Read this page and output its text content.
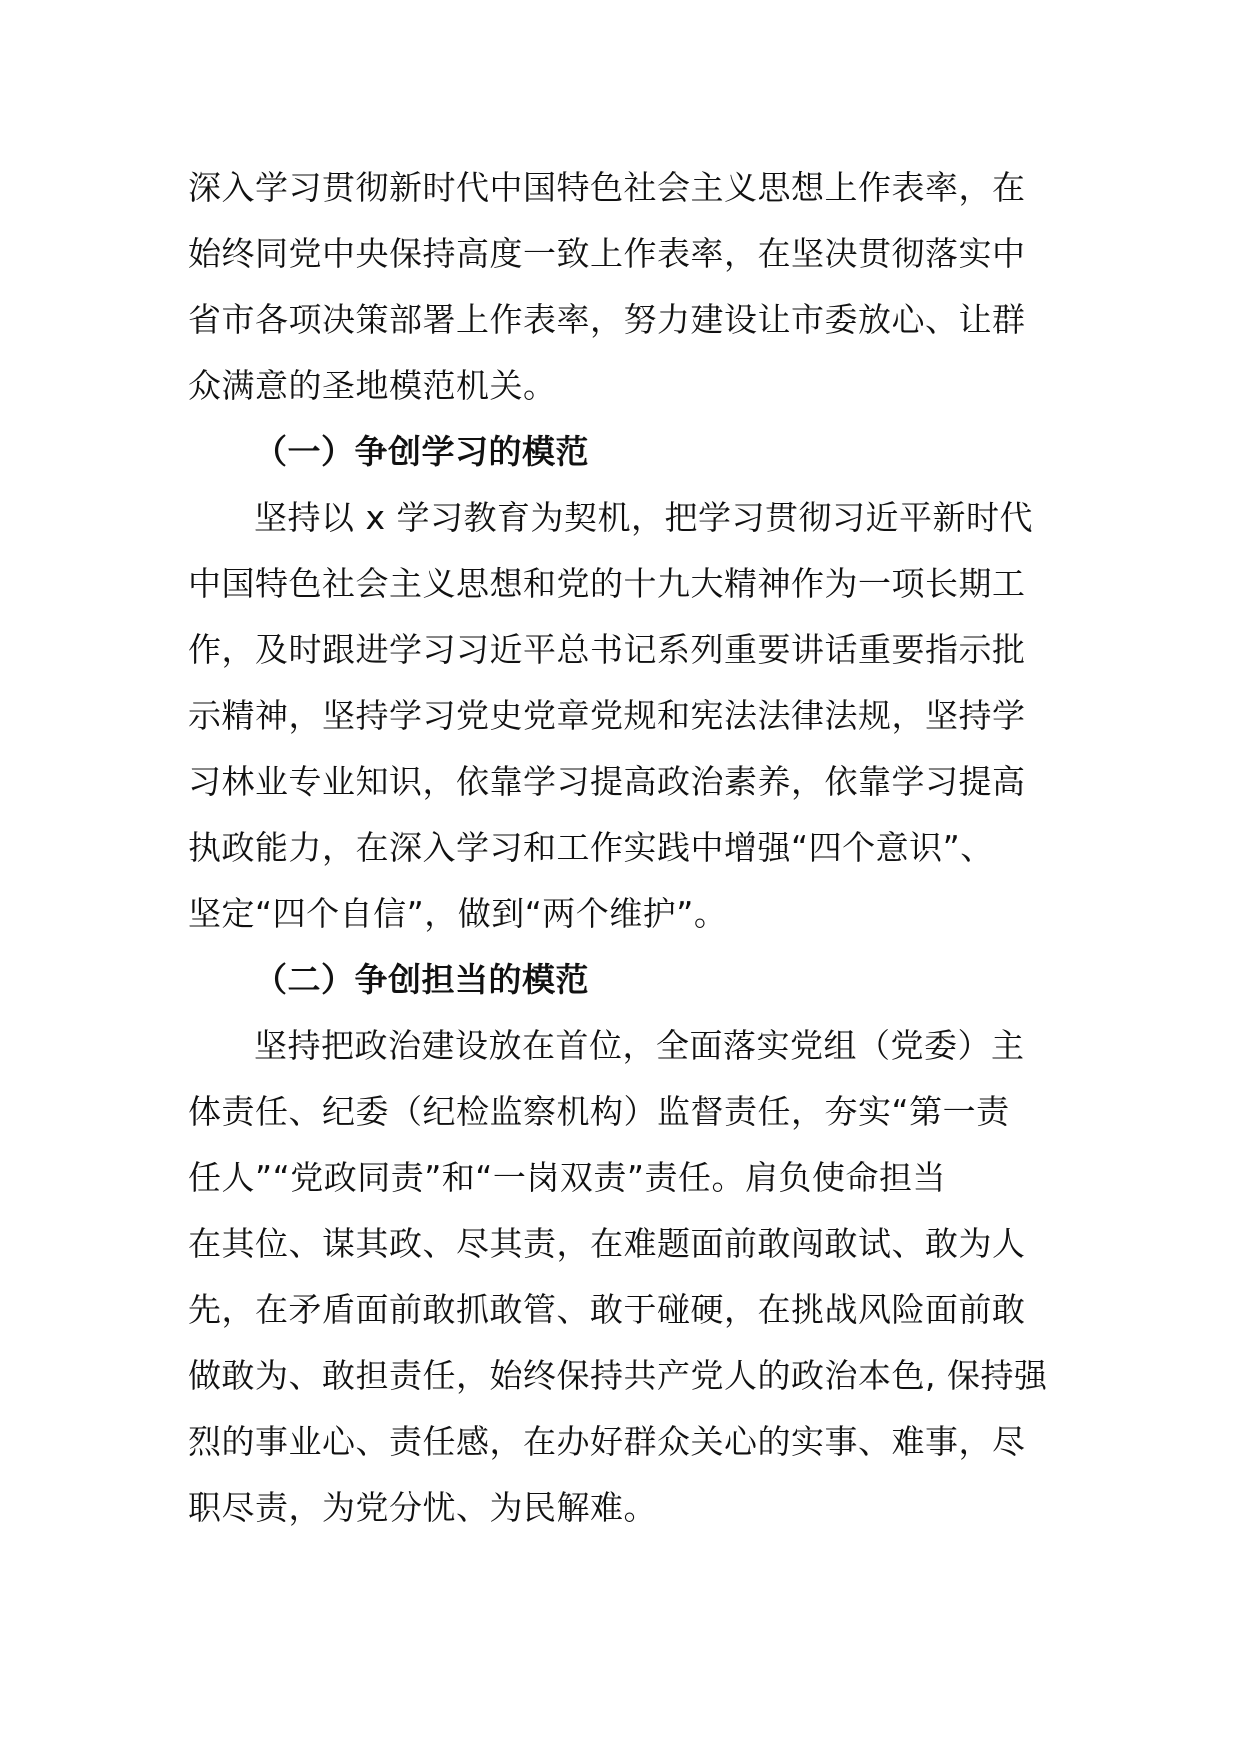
深入学习贯彻新时代中国特色社会主义思想上作表率，在
始终同党中央保持高度一致上作表率，在坚决贯彻落实中
省市各项决策部署上作表率，努力建设让市委放心、让群
众满意的圣地模范机关。
（一）争创学习的模范
坚持以 x 学习教育为契机，把学习贯彻习近平新时代
中国特色社会主义思想和党的十九大精神作为一项长期工
作，及时跟进学习习近平总书记系列重要讲话重要指示批
示精神，坚持学习党史党章党规和宪法法律法规，坚持学
习林业专业知识，依靠学习提高政治素养，依靠学习提高
执政能力，在深入学习和工作实践中增强“四个意识”、
坚定“四个自信”，做到“两个维护”。
（二）争创担当的模范
坚持把政治建设放在首位，全面落实党组（党委）主
体责任、纪委（纪检监察机构）监督责任，夯实“第一责
任人”“党政同责”和“一岗双责”责任。肩负使命担当
在其位、谋其政、尽其责，在难题面前敢闯敢试、敢为人
先，在矛盾面前敢抓敢管、敢于碰硬，在挑战风险面前敢
做敢为、敢担责任，始终保持共产党人的政治本色, 保持强
烈的事业心、责任感，在办好群众关心的实事、难事，尽
职尽责，为党分忧、为民解难。
